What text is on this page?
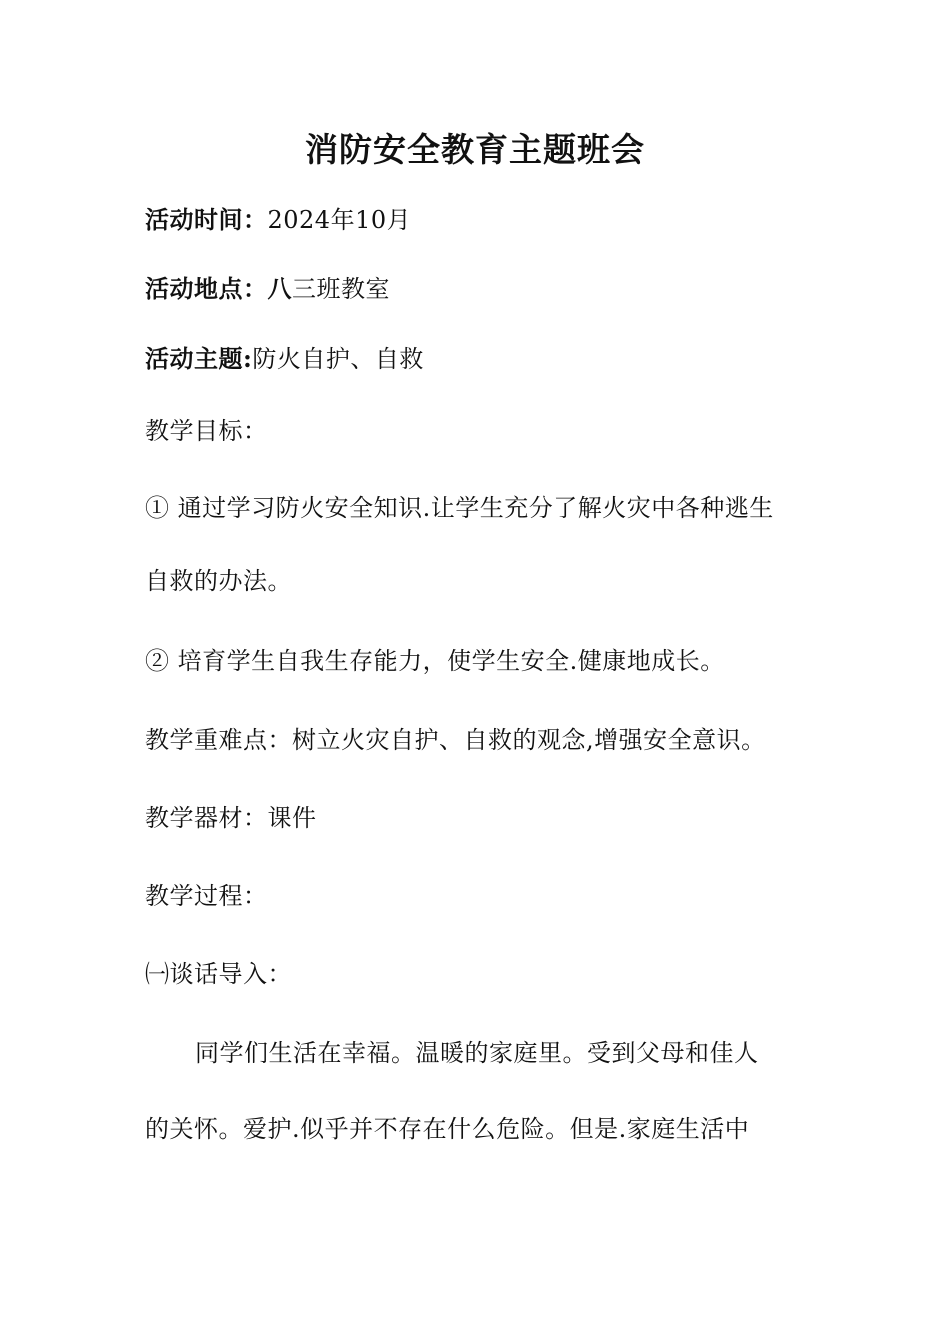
消防安全教育主题班会
活动时间：2024年10月
活动地点：八三班教室
活动主题:防火自护、自救
教学目标：
① 通过学习防火安全知识.让学生充分了解火灾中各种逃生
自救的办法。
② 培育学生自我生存能力，使学生安全.健康地成长。
教学重难点：树立火灾自护、自救的观念,增强安全意识。
教学器材：课件
教学过程：
㈠谈话导入：
同学们生活在幸福。温暖的家庭里。受到父母和佳人
的关怀。爱护.似乎并不存在什么危险。但是.家庭生活中
